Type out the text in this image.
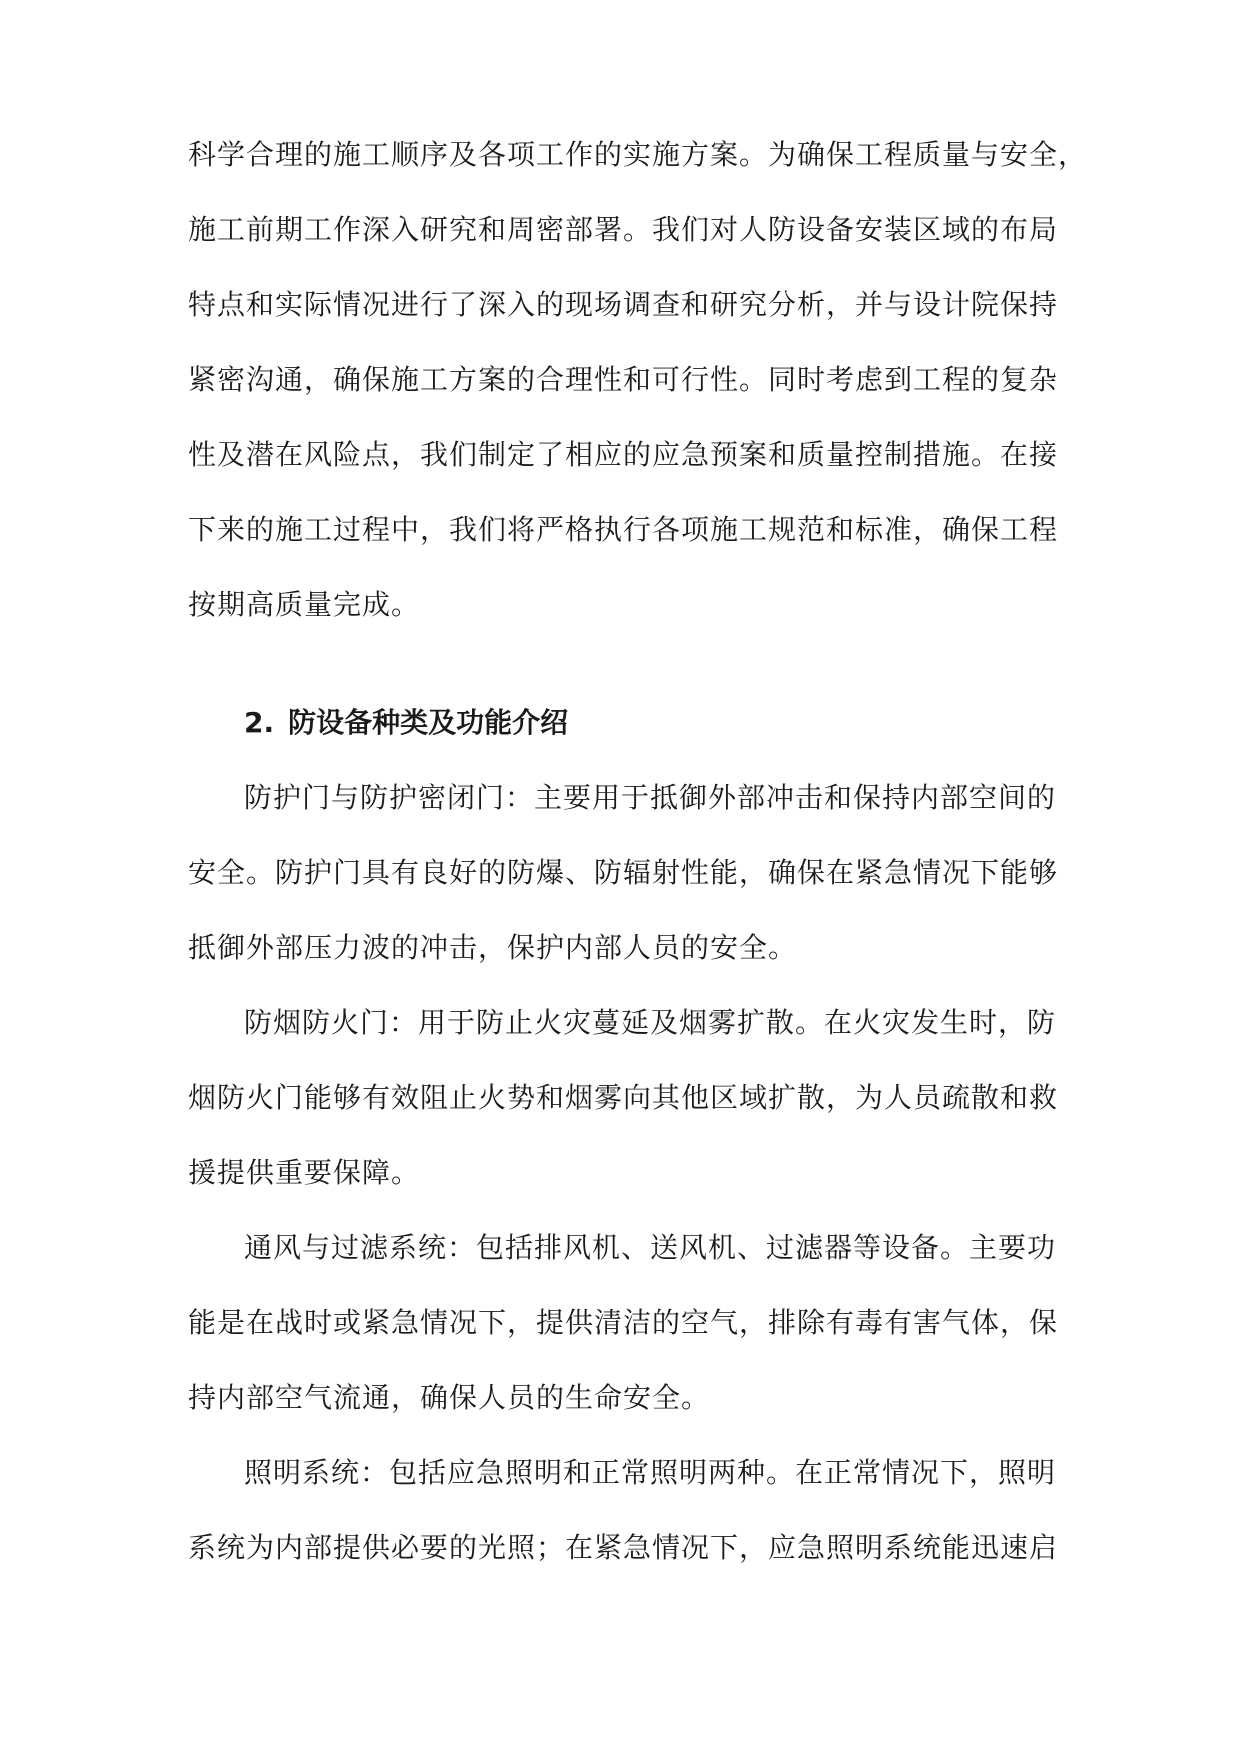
科学合理的施工顺序及各项工作的实施方案。为确保工程质量与安全，
施工前期工作深入研究和周密部署。我们对人防设备安装区域的布局
特点和实际情况进行了深入的现场调查和研究分析，并与设计院保持
紧密沟通，确保施工方案的合理性和可行性。同时考虑到工程的复杂
性及潜在风险点，我们制定了相应的应急预案和质量控制措施。在接
下来的施工过程中，我们将严格执行各项施工规范和标准，确保工程
按期高质量完成。
2. 防设备种类及功能介绍
防护门与防护密闭门：主要用于抵御外部冲击和保持内部空间的
安全。防护门具有良好的防爆、防辐射性能，确保在紧急情况下能够
抵御外部压力波的冲击，保护内部人员的安全。
防烟防火门：用于防止火灾蔓延及烟雾扩散。在火灾发生时，防
烟防火门能够有效阻止火势和烟雾向其他区域扩散，为人员疏散和救
援提供重要保障。
通风与过滤系统：包括排风机、送风机、过滤器等设备。主要功
能是在战时或紧急情况下，提供清洁的空气，排除有毒有害气体，保
持内部空气流通，确保人员的生命安全。
照明系统：包括应急照明和正常照明两种。在正常情况下，照明
系统为内部提供必要的光照；在紧急情况下，应急照明系统能迅速启
